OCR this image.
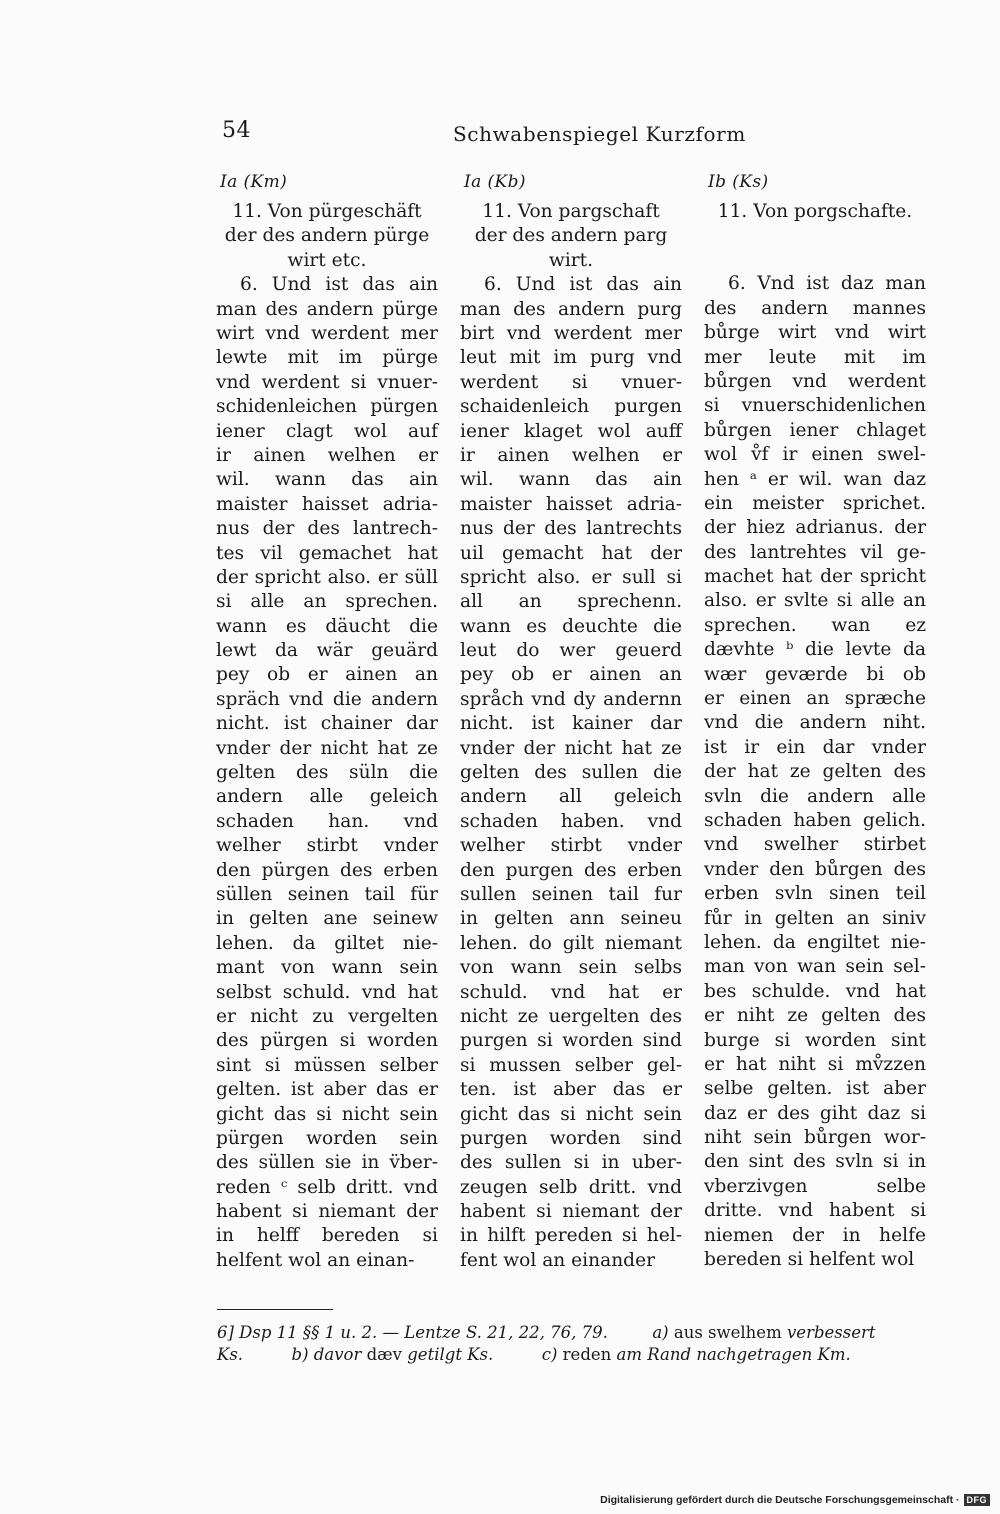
54	Schwabenspiegel Kurzform
Ia (Km)
11. Von pürgeschäft
der des andern pürge
wirt etc.
6. Und ist das ain
man des andern pürge
wirt vnd werdent mer
lewte mit im pürge
vnd werdent si vnuer-
schidenleichen pürgen
iener clagt wol auf
ir ainen welhen er
wil. wann das ain
maister haisset adria-
nus der des lantrech-
tes vil gemachet hat
der spricht also. er süll
si alle an sprechen.
wann es däucht die
lewt da wär geuärd
pey ob er ainen an
spräch vnd die andern
nicht. ist chainer dar
vnder der nicht hat ze
gelten des süln die
andern alle geleich
schaden han. vnd
welher stirbt vnder
den pürgen des erben
süllen seinen tail für
in gelten ane seinew
lehen. da giltet nie-
mant von wann sein
selbst schuld. vnd hat
er nicht zu vergelten
des pürgen si worden
sint si müssen selber
gelten. ist aber das er
gicht das si nicht sein
pürgen worden sein
des süllen sie in v̈ber-
reden ᶜ selb dritt. vnd
habent si niemant der
in helff bereden si
helfent wol an einan-
Ia (Kb)
11. Von pargschaft
der des andern parg
wirt.
6. Und ist das ain
man des andern purg
birt vnd werdent mer
leut mit im purg vnd
werdent si vnuer-
schaidenleich purgen
iener klaget wol auff
ir ainen welhen er
wil. wann das ain
maister haisset adria-
nus der des lantrechts
uil gemacht hat der
spricht also. er sull si
all an sprechenn.
wann es deuchte die
leut do wer geuerd
pey ob er ainen an
språch vnd dy andernn
nicht. ist kainer dar
vnder der nicht hat ze
gelten des sullen die
andern all geleich
schaden haben. vnd
welher stirbt vnder
den purgen des erben
sullen seinen tail fur
in gelten ann seineu
lehen. do gilt niemant
von wann sein selbs
schuld. vnd hat er
nicht ze uergelten des
purgen si worden sind
si mussen selber gel-
ten. ist aber das er
gicht das si nicht sein
purgen worden sind
des sullen si in uber-
zeugen selb dritt. vnd
habent si niemant der
in hilft pereden si hel-
fent wol an einander
Ib (Ks)
11. Von porgschafte.
6. Vnd ist daz man
des andern mannes
bůrge wirt vnd wirt
mer leute mit im
bůrgen vnd werdent
si vnuerschidenlichen
bůrgen iener chlaget
wol v̊f ir einen swel-
hen ᵃ er wil. wan daz
ein meister sprichet.
der hiez adrianus. der
des lantrehtes vil ge-
machet hat der spricht
also. er svlte si alle an
sprechen. wan ez
dævhte ᵇ die levte da
wær geværde bi ob
er einen an spræche
vnd die andern niht.
ist ir ein dar vnder
der hat ze gelten des
svln die andern alle
schaden haben gelich.
vnd swelher stirbet
vnder den bůrgen des
erben svln sinen teil
fůr in gelten an siniv
lehen. da engiltet nie-
man von wan sein sel-
bes schulde. vnd hat
er niht ze gelten des
burge si worden sint
er hat niht si mv̊zzen
selbe gelten. ist aber
daz er des giht daz si
niht sein bůrgen wor-
den sint des svln si in
vberzivgen selbe
dritte. vnd habent si
niemen der in helfe
bereden si helfent wol
6] Dsp 11 §§ 1 u. 2. — Lentze S. 21, 22, 76, 79.	a) aus swelhem verbessert
Ks.	b) davor dæv getilgt Ks.	c) reden am Rand nachgetragen Km.
Digitalisierung gefördert durch die Deutsche Forschungsgemeinschaft · DFG
